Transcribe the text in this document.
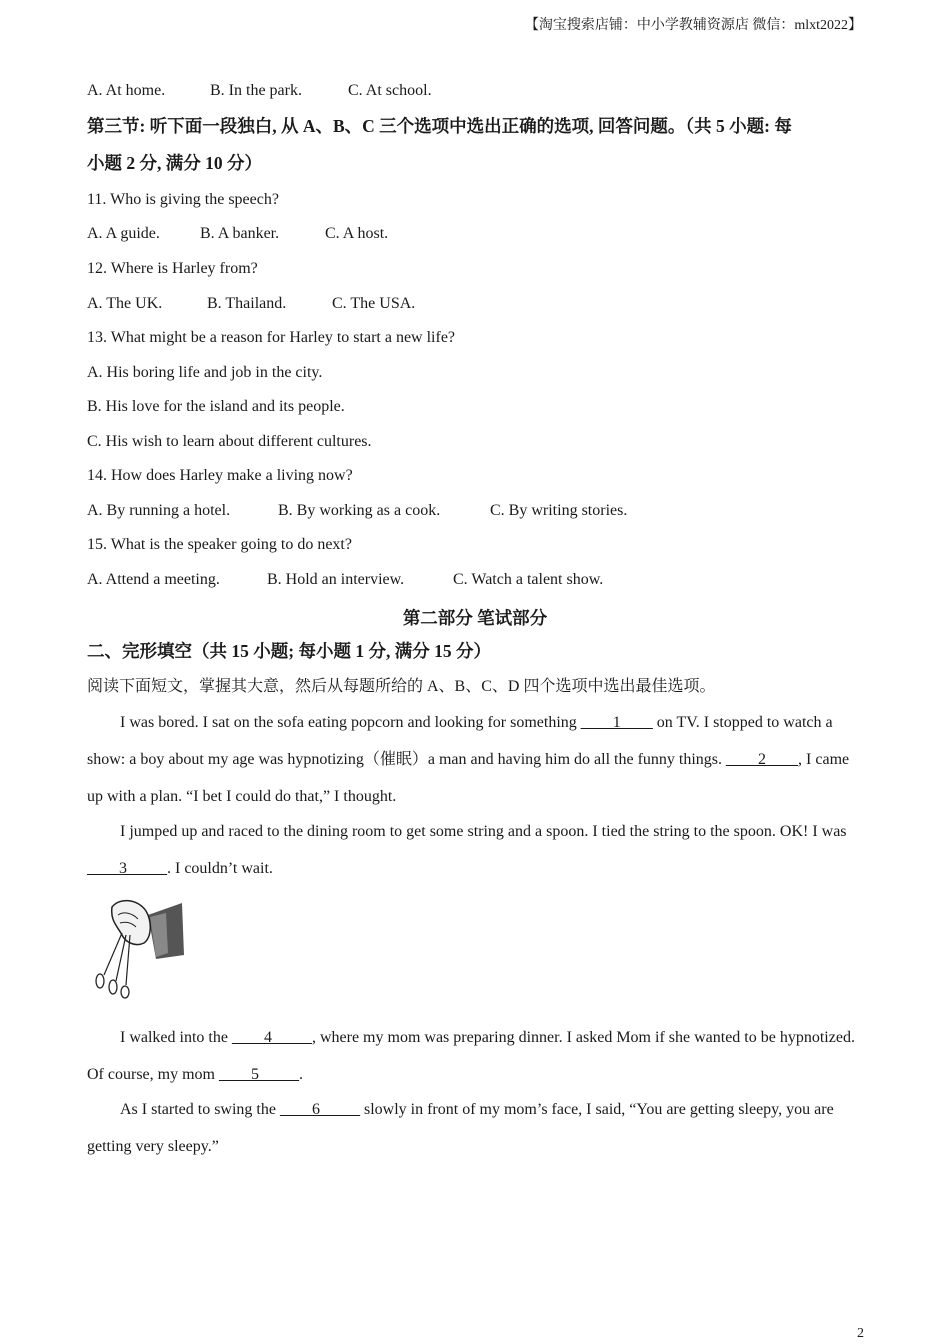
【淘宝搜索店铺：中小学教辅资源店 微信：mlxt2022】
A. At home.	B. In the park.	C. At school.
第三节: 听下面一段独白, 从 A、B、C 三个选项中选出正确的选项, 回答问题。（共 5 小题: 每
小题 2 分, 满分 10 分）
11. Who is giving the speech?
A. A guide.	B. A banker.	C. A host.
12. Where is Harley from?
A. The UK.	B. Thailand.	C. The USA.
13. What might be a reason for Harley to start a new life?
A. His boring life and job in the city.
B. His love for the island and its people.
C. His wish to learn about different cultures.
14. How does Harley make a living now?
A. By running a hotel.	B. By working as a cook.	C. By writing stories.
15. What is the speaker going to do next?
A. Attend a meeting.	B. Hold an interview.	C. Watch a talent show.
第二部分 笔试部分
二、完形填空（共 15 小题; 每小题 1 分, 满分 15 分）
阅读下面短文，掌握其大意，然后从每题所给的 A、B、C、D 四个选项中选出最佳选项。
I was bored. I sat on the sofa eating popcorn and looking for something ____1____ on TV. I stopped to watch a show: a boy about my age was hypnotizing（催眠）a man and having him do all the funny things. ____2____, I came up with a plan. “I bet I could do that,” I thought.
I jumped up and raced to the dining room to get some string and a spoon. I tied the string to the spoon. OK! I was ____3_____. I couldn’t wait.
I walked into the ____4_____, where my mom was preparing dinner. I asked Mom if she wanted to be hypnotized. Of course, my mom ____5_____.
As I started to swing the ____6_____ slowly in front of my mom’s face, I said, “You are getting sleepy, you are getting very sleepy.”
2
